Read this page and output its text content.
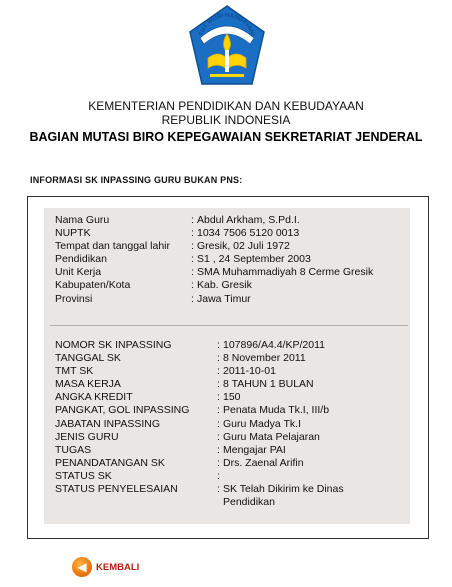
TUT WURI HANDAYANI
KEMENTERIAN PENDIDIKAN DAN KEBUDAYAAN
REPUBLIK INDONESIA
BAGIAN MUTASI BIRO KEPEGAWAIAN SEKRETARIAT JENDERAL
INFORMASI SK INPASSING GURU BUKAN PNS:
Nama Guru	: Abdul Arkham, S.Pd.I.
NUPTK	: 1034 7506 5120 0013
Tempat dan tanggal lahir : Gresik, 02 Juli 1972
Pendidikan	: S1 , 24 September 2003
Unit Kerja	: SMA Muhammadiyah 8 Cerme Gresik
Kabupaten/Kota	: Kab. Gresik
Provinsi	: Jawa Timur
NOMOR SK INPASSING	: 107896/A4.4/KP/2011
TANGGAL SK	: 8 November 2011
TMT SK	: 2011-10-01
MASA KERJA	: 8 TAHUN 1 BULAN
ANGKA KREDIT	: 150
PANGKAT, GOL INPASSING	: Penata Muda Tk.I, III/b
JABATAN INPASSING	: Guru Madya Tk.I
JENIS GURU	: Guru Mata Pelajaran
TUGAS	: Mengajar PAI
PENANDATANGAN SK	: Drs. Zaenal Arifin
STATUS SK	:
STATUS PENYELESAIAN	: SK Telah Dikirim ke Dinas Pendidikan
◀ KEMBALI
